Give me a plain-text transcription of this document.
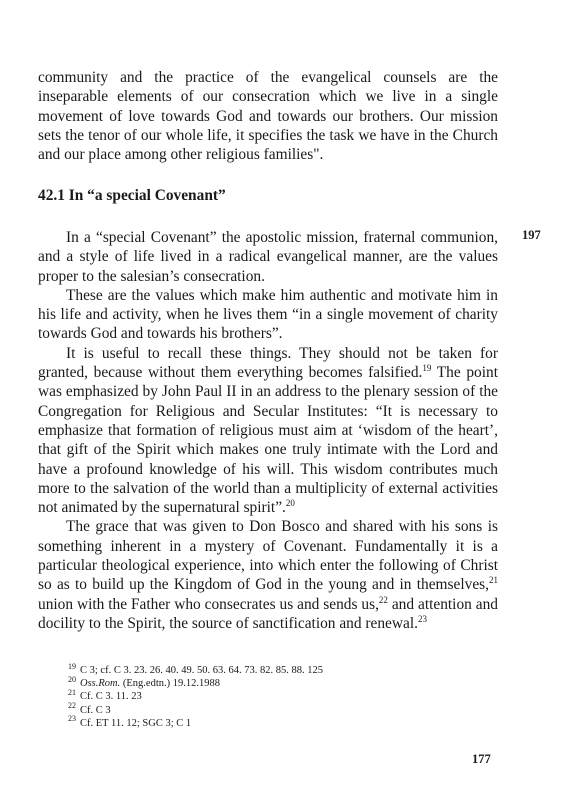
community and the practice of the evangelical counsels are the inseparable elements of our consecration which we live in a single movement of love towards God and towards our brothers. Our mission sets the tenor of our whole life, it specifies the task we have in the Church and our place among other religious families".

42.1 In “a special Covenant”
197

In a “special Covenant” the apostolic mission, fraternal communion, and a style of life lived in a radical evangelical manner, are the values proper to the salesian’s consecration.

These are the values which make him authentic and motivate him in his life and activity, when he lives them “in a single movement of charity towards God and towards his brothers”.

It is useful to recall these things. They should not be taken for granted, because without them everything becomes falsified.$^{19}$ The point was emphasized by John Paul II in an address to the plenary session of the Congregation for Religious and Secular Institutes: “It is necessary to emphasize that formation of religious must aim at ‘wisdom of the heart’, that gift of the Spirit which makes one truly intimate with the Lord and have a profound knowledge of his will. This wisdom contributes much more to the salvation of the world than a multiplicity of external activities not animated by the supernatural spirit”.$^{20}$

The grace that was given to Don Bosco and shared with his sons is something inherent in a mystery of Covenant. Fundamentally it is a particular theological experience, into which enter the following of Christ so as to build up the Kingdom of God in the young and in themselves,$^{21}$ union with the Father who consecrates us and sends us,$^{22}$ and attention and docility to the Spirit, the source of sanctification and renewal.$^{23}$

$^{19}$ C 3; cf. C 3. 23. 26. 40. 49. 50. 63. 64. 73. 82. 85. 88. 125
$^{20}$ Oss.Rom. (Eng.edtn.) 19.12.1988
$^{21}$ Cf. C 3. 11. 23
$^{22}$ Cf. C 3
$^{23}$ Cf. ET 11. 12; SGC 3; C 1
177
